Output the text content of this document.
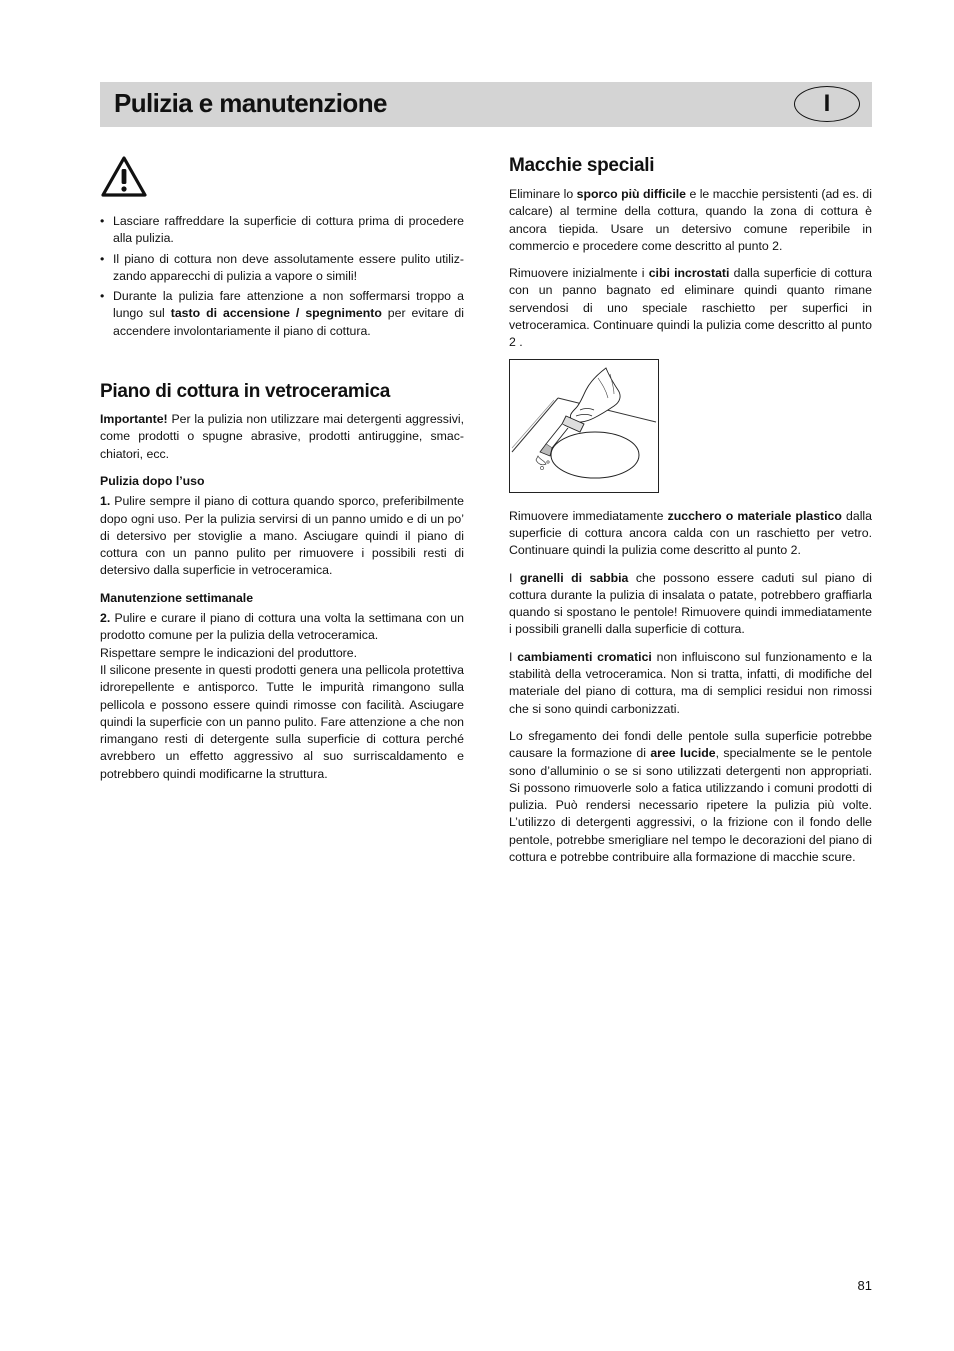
Pulizia e manutenzione	I
• Lasciare raffreddare la superficie di cottura prima di procedere alla pulizia.
• Il piano di cottura non deve assolutamente essere pulito utilizzando apparecchi di pulizia a vapore o simili!
• Durante la pulizia fare attenzione a non soffermarsi troppo a lungo sul tasto di accensione / spegnimento per evitare di accendere involontariamente il piano di cottura.
Piano di cottura in vetroceramica

Importante! Per la pulizia non utilizzare mai detergenti aggressivi, come prodotti o spugne abrasive, prodotti antiruggine, smacchiatori, ecc.

Pulizia dopo l’uso

1. Pulire sempre il piano di cottura quando sporco, preferibilmente dopo ogni uso. Per la pulizia servirsi di un panno umido e di un po’ di detersivo per stoviglie a mano. Asciugare quindi il piano di cottura con un panno pulito per rimuovere i possibili resti di detersivo dalla superficie in vetroceramica.

Manutenzione settimanale

2. Pulire e curare il piano di cottura una volta la settimana con un prodotto comune per la pulizia della vetroceramica.

Rispettare sempre le indicazioni del produttore.

Il silicone presente in questi prodotti genera una pellicola protettiva idrorepellente e antisporco. Tutte le impurità rimangono sulla pellicola e possono essere quindi rimosse con facilità. Asciugare quindi la superficie con un panno pulito. Fare attenzione a che non rimangano resti di detergente sulla superficie di cottura perché avrebbero un effetto aggressivo al suo surriscaldamento e potrebbero quindi modificarne la struttura.

Macchie speciali

Eliminare lo sporco più difficile e le macchie persistenti (ad es. di calcare) al termine della cottura, quando la zona di cottura è ancora tiepida. Usare un detersivo comune reperibile in commercio e procedere come descritto al punto 2.

Rimuovere inizialmente i cibi incrostati dalla superficie di cottura con un panno bagnato ed eliminare quindi quanto rimane servendosi di uno speciale raschietto per superfici in vetroceramica. Continuare quindi la pulizia come descritto al punto 2 .

Rimuovere immediatamente zucchero o materiale plastico dalla superficie di cottura ancora calda con un raschietto per vetro. Continuare quindi la pulizia come descritto al punto 2.

I granelli di sabbia che possono essere caduti sul piano di cottura durante la pulizia di insalata o patate, potrebbero graffiarla quando si spostano le pentole! Rimuovere quindi immediatamente i possibili granelli dalla superficie di cottura.

I cambiamenti cromatici non influiscono sul funzionamento e la stabilità della vetroceramica. Non si tratta, infatti, di modifiche del materiale del piano di cottura, ma di semplici residui non rimossi che si sono quindi carbonizzati.

Lo sfregamento dei fondi delle pentole sulla superficie potrebbe causare la formazione di aree lucide, specialmente se le pentole sono d’alluminio o se si sono utilizzati detergenti non appropriati. Si possono rimuoverle solo a fatica utilizzando i comuni prodotti di pulizia. Può rendersi necessario ripetere la pulizia più volte. L’utilizzo di detergenti aggressivi, o la frizione con il fondo delle pentole, potrebbe smerigliare nel tempo le decorazioni del piano di cottura e potrebbe contribuire alla formazione di macchie scure.

81
